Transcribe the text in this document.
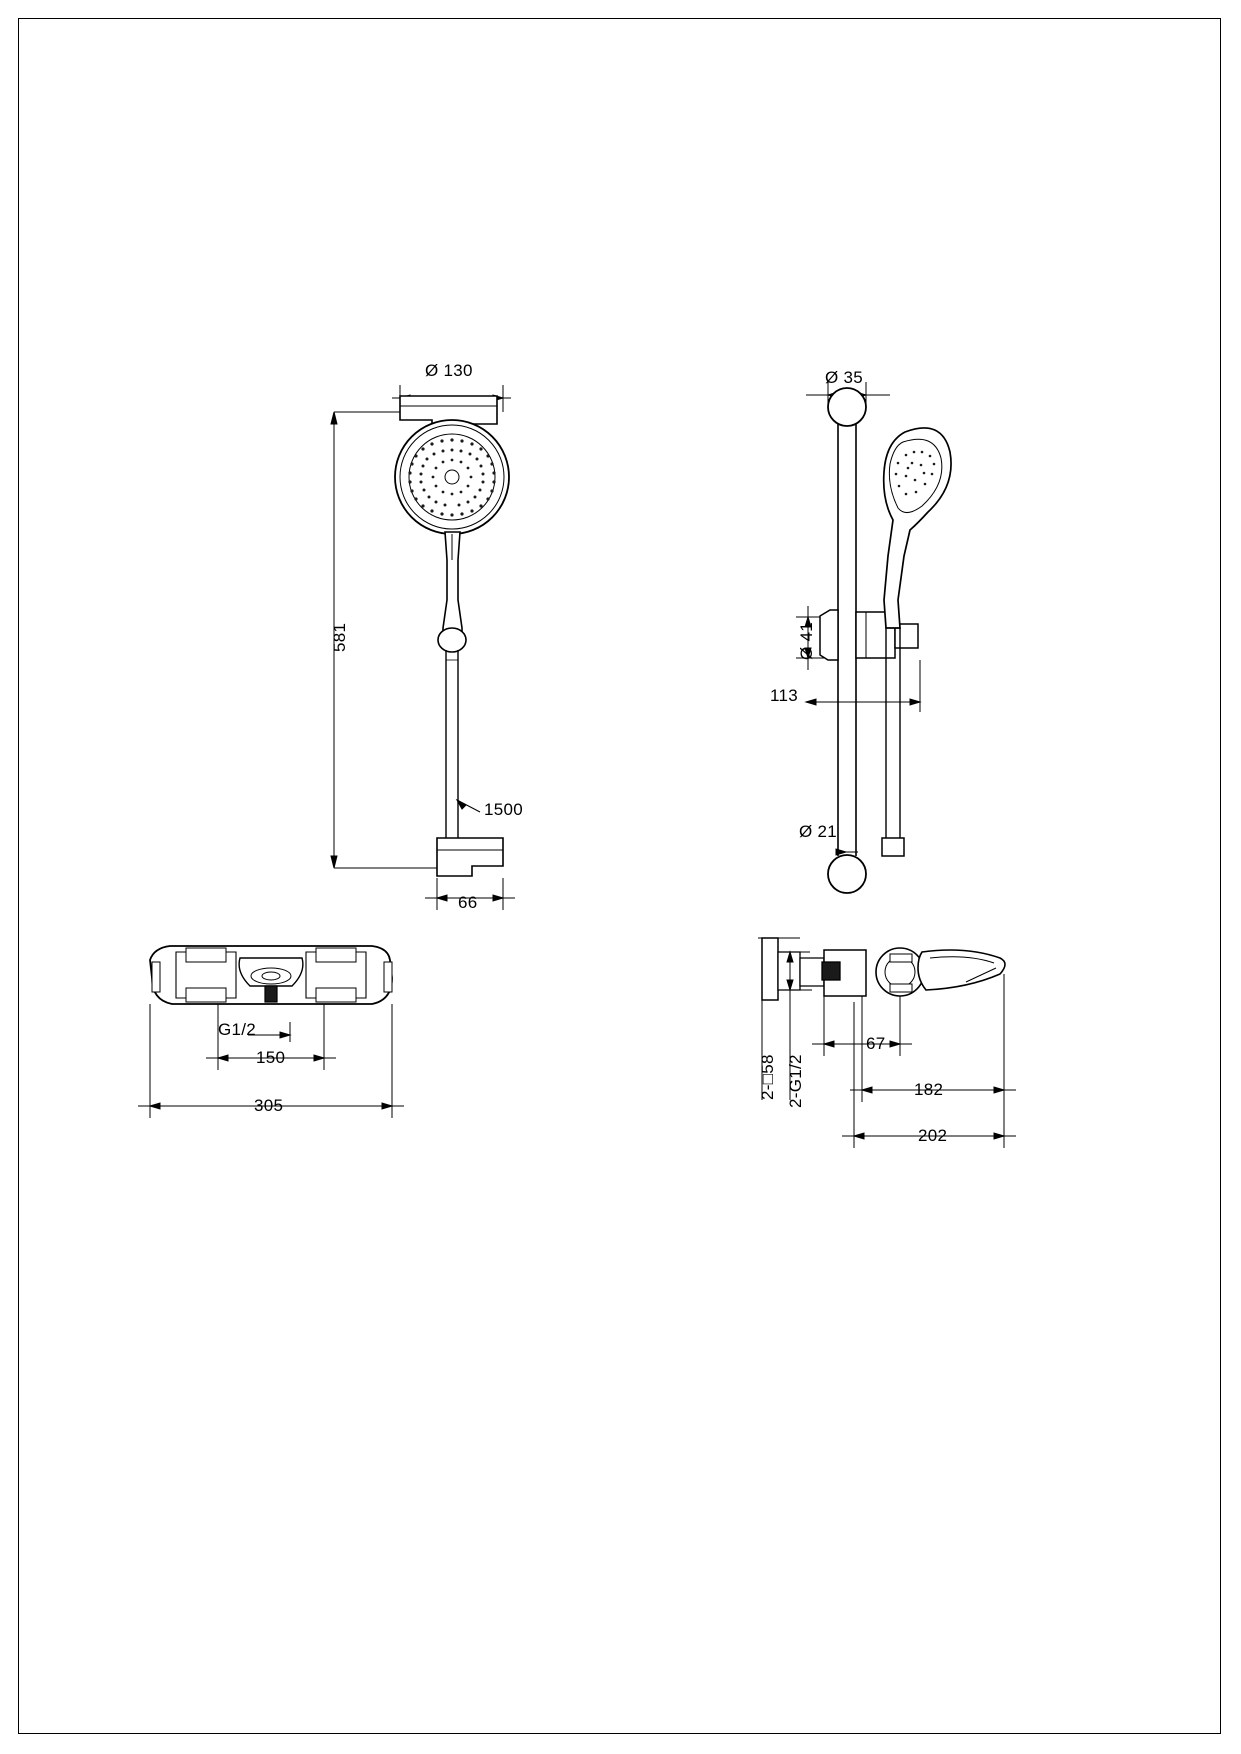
Ø 130
581
1500
66
Ø 35
Ø 41
113
Ø 21
G1/2
150
305
2-□58 2-G1/2
67
182
202
